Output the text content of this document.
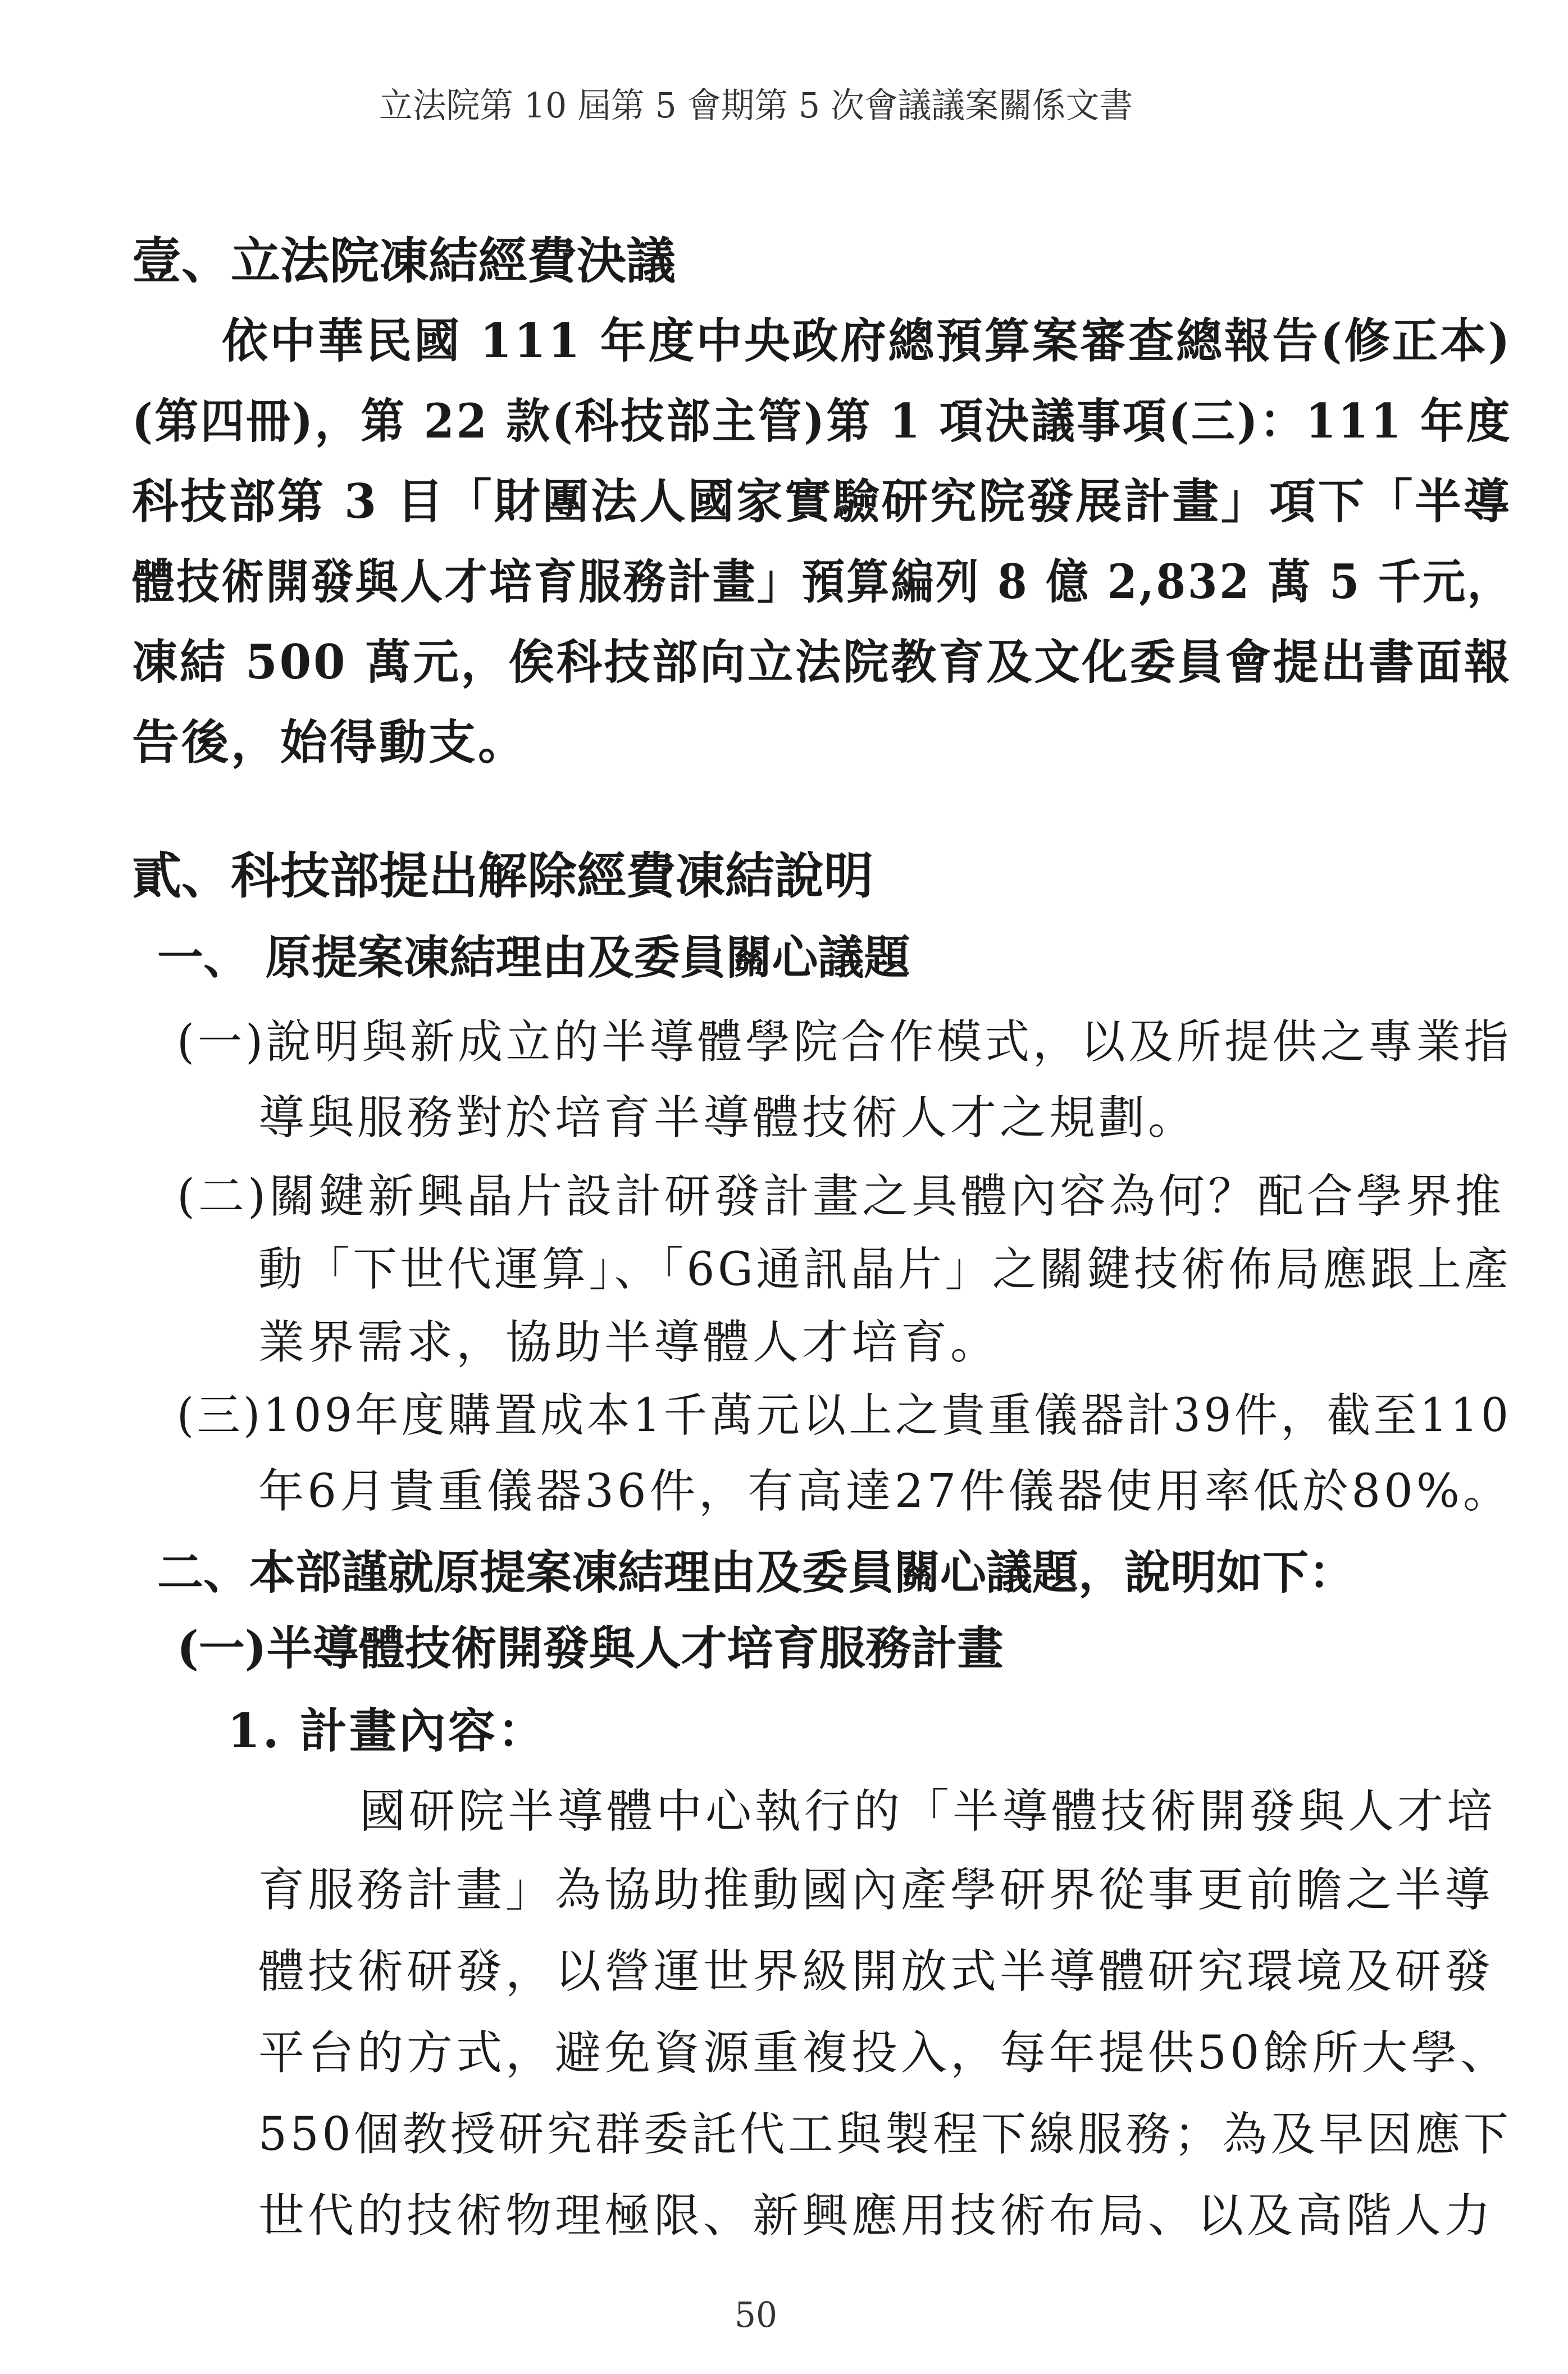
立法院第 10 屆第 5 會期第 5 次會議議案關係文書
壹、立法院凍結經費決議
依中華民國 111 年度中央政府總預算案審查總報告(修正本)
(第四冊)，第 22 款(科技部主管)第 1 項決議事項(三)：111 年度
科技部第 3 目「財團法人國家實驗研究院發展計畫」項下「半導
體技術開發與人才培育服務計畫」預算編列 8 億 2,832 萬 5 千元，
凍結 500 萬元，俟科技部向立法院教育及文化委員會提出書面報
告後，始得動支。
貳、科技部提出解除經費凍結說明
一、 原提案凍結理由及委員關心議題
(一)說明與新成立的半導體學院合作模式，以及所提供之專業指
導與服務對於培育半導體技術人才之規劃。
(二)關鍵新興晶片設計研發計畫之具體內容為何？配合學界推
動「下世代運算」、「6G通訊晶片」之關鍵技術佈局應跟上產
業界需求，協助半導體人才培育。
(三)109年度購置成本1千萬元以上之貴重儀器計39件，截至110
年6月貴重儀器36件，有高達27件儀器使用率低於80%。
二、本部謹就原提案凍結理由及委員關心議題，說明如下：
(一)半導體技術開發與人才培育服務計畫
1. 計畫內容：
國研院半導體中心執行的「半導體技術開發與人才培
育服務計畫」為協助推動國內產學研界從事更前瞻之半導
體技術研發，以營運世界級開放式半導體研究環境及研發
平台的方式，避免資源重複投入，每年提供50餘所大學、
550個教授研究群委託代工與製程下線服務；為及早因應下
世代的技術物理極限、新興應用技術布局、以及高階人力
50
